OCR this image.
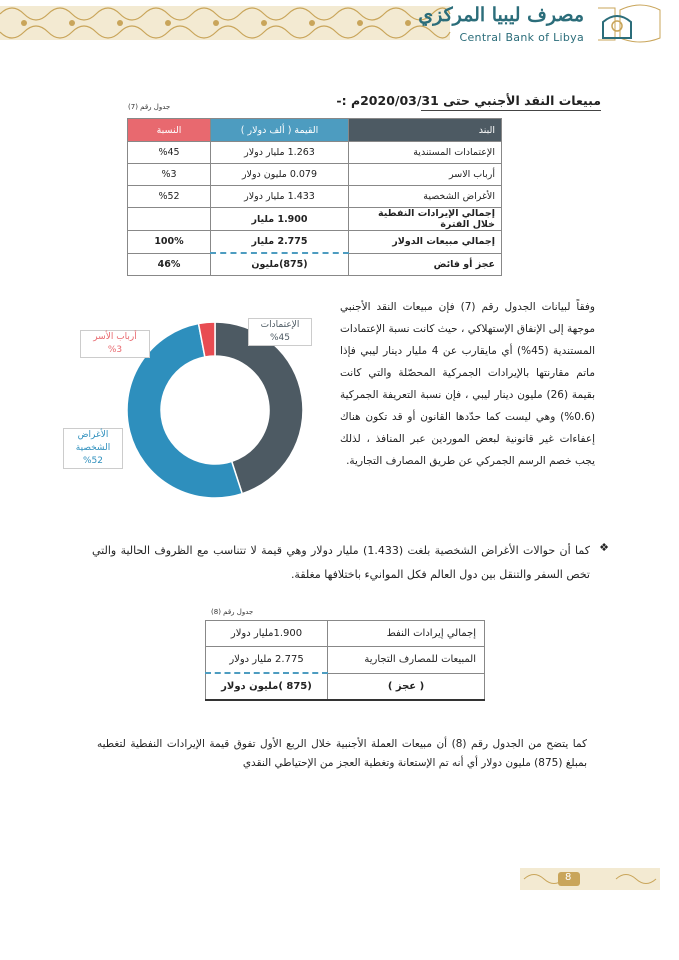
مصرف ليبيا المركزي
Central Bank of Libya
مبيعات النقد الأجنبي حتى 2020/03/31م :-
جدول رقم (7)
البند	القيمة ( ألف دولار )	النسبة
الإعتمادات المستندية	1.263 مليار دولار	%45
أرباب الاسر	0.079 مليون دولار	%3
الأغراض الشخصية	1.433 مليار دولار	%52
إجمالي الإيرادات النفطية خلال الفترة	1.900 مليار	
إجمالي مبيعات الدولار	2.775 مليار	100%
عجز أو فائض	(875)مليون	46%
الإعتمادات
%45
أرباب الأسر
%3
الأغراض الشخصية
%52
وفقاً لبيانات الجدول رقم (7) فإن مبيعات النقد الأجنبي موجهة إلى الإنفاق الإستهلاكي ، حيث كانت نسبة الإعتمادات المستندية (45%) أي مايقارب عن 4 مليار دينار ليبي فإذا ماتم مقارنتها بالإيرادات الجمركية المحصّلة والتي كانت بقيمة (26) مليون دينار ليبي ، فإن نسبة التعريفة الجمركية (0.6%) وهي ليست كما حدّدها القانون أو قد تكون هناك إعفاءات غير قانونية لبعض الموردين عبر المنافذ ، لذلك يجب خصم الرسم الجمركي عن طريق المصارف التجارية.
❖
كما أن حوالات الأغراض الشخصية بلغت (1.433) مليار دولار وهي قيمة لا تتناسب مع الظروف الحالية والتي تخص السفر والتنقل بين دول العالم فكل الموانيء باختلافها مغلقة.
جدول رقم (8)
إجمالي إيرادات النفط	1.900مليار دولار
المبيعات للمصارف التجارية	2.775 مليار دولار
( عجز )	(875 )مليون دولار
كما يتضح من الجدول رقم (8) أن مبيعات العملة الأجنبية خلال الربع الأول تفوق قيمة الإيرادات النفطية لتغطيه بمبلغ (875) مليون دولار أي أنه تم الإستعانة وتغطية العجز من الإحتياطي النقدي
8
